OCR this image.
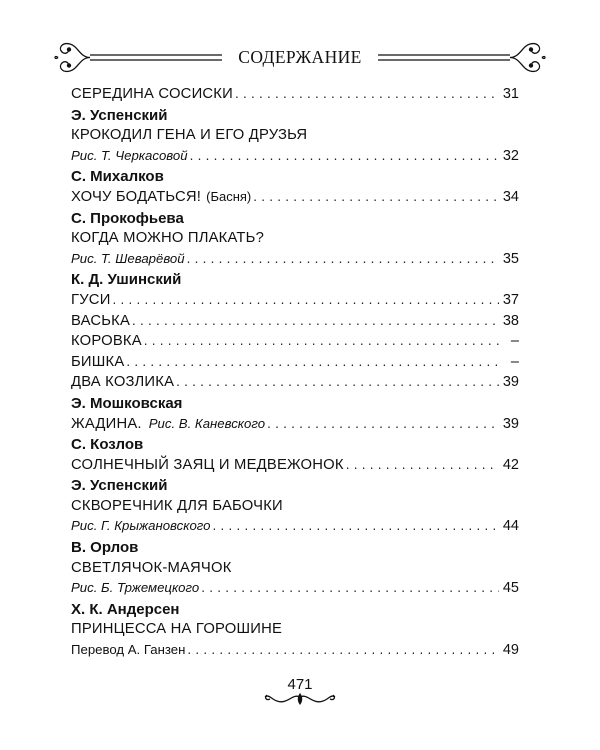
СОДЕРЖАНИЕ
СЕРЕДИНА СОСИСКИ . . .	31
Э. Успенский
КРОКОДИЛ ГЕНА И ЕГО ДРУЗЬЯ
Рис. Т. Черкасовой . . .	32
С. Михалков
ХОЧУ БОДАТЬСЯ! (Басня) . . .	34
С. Прокофьева
КОГДА МОЖНО ПЛАКАТЬ?
Рис. Т. Шеварёвой . . .	35
К. Д. Ушинский
ГУСИ . . .	37
ВАСЬКА . . .	38
КОРОВКА . . .	–
БИШКА . . .	–
ДВА КОЗЛИКА . . .	39
Э. Мошковская
ЖАДИНА. Рис. В. Каневского . . .	39
С. Козлов
СОЛНЕЧНЫЙ ЗАЯЦ И МЕДВЕЖОНОК . . .	42
Э. Успенский
СКВОРЕЧНИК ДЛЯ БАБОЧКИ
Рис. Г. Крыжановского . . .	44
В. Орлов
СВЕТЛЯЧОК-МАЯЧОК
Рис. Б. Тржемецкого . . .	45
Х. К. Андерсен
ПРИНЦЕССА НА ГОРОШИНЕ
Перевод А. Ганзен . . .	49
471
